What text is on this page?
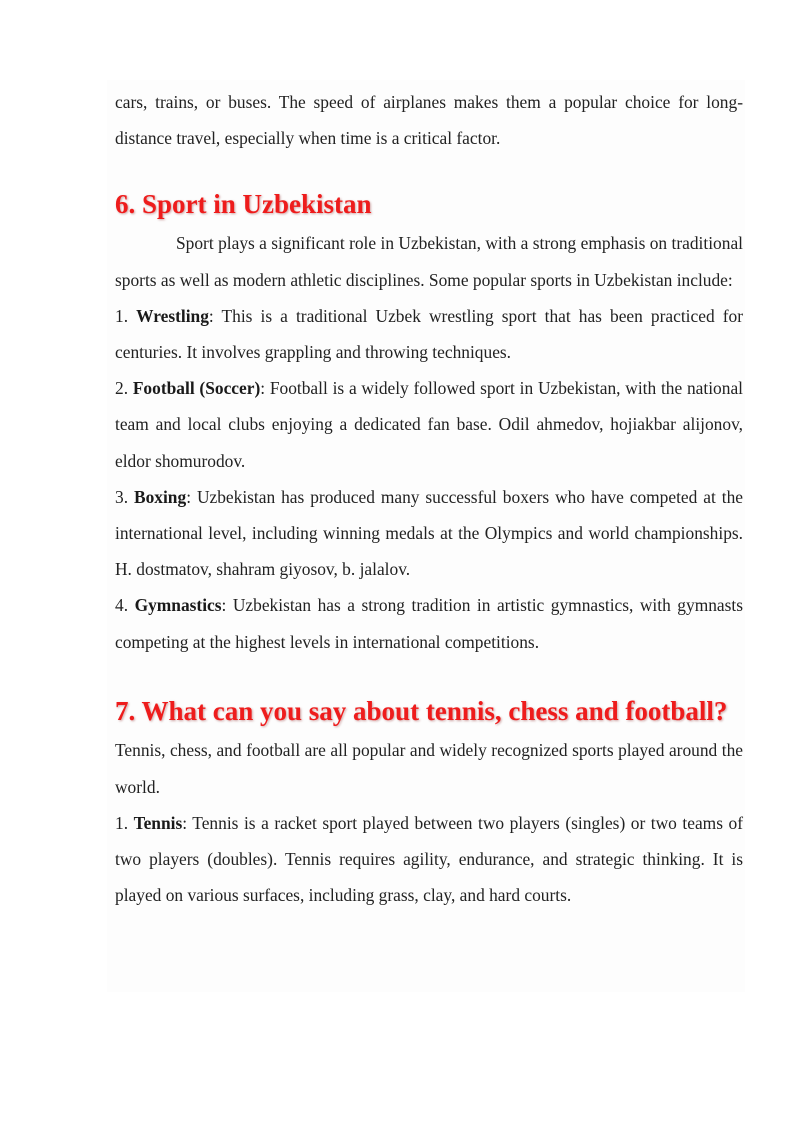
cars, trains, or buses. The speed of airplanes makes them a popular choice for long-distance travel, especially when time is a critical factor.

6. Sport in Uzbekistan

Sport plays a significant role in Uzbekistan, with a strong emphasis on traditional sports as well as modern athletic disciplines. Some popular sports in Uzbekistan include:

1. Wrestling: This is a traditional Uzbek wrestling sport that has been practiced for centuries. It involves grappling and throwing techniques.

2. Football (Soccer): Football is a widely followed sport in Uzbekistan, with the national team and local clubs enjoying a dedicated fan base. Odil ahmedov, hojiakbar alijonov, eldor shomurodov.

3. Boxing: Uzbekistan has produced many successful boxers who have competed at the international level, including winning medals at the Olympics and world championships. H. dostmatov, shahram giyosov, b. jalalov.

4. Gymnastics: Uzbekistan has a strong tradition in artistic gymnastics, with gymnasts competing at the highest levels in international competitions.

7. What can you say about tennis, chess and football?

Tennis, chess, and football are all popular and widely recognized sports played around the world.

1. Tennis: Tennis is a racket sport played between two players (singles) or two teams of two players (doubles). Tennis requires agility, endurance, and strategic thinking. It is played on various surfaces, including grass, clay, and hard courts.
